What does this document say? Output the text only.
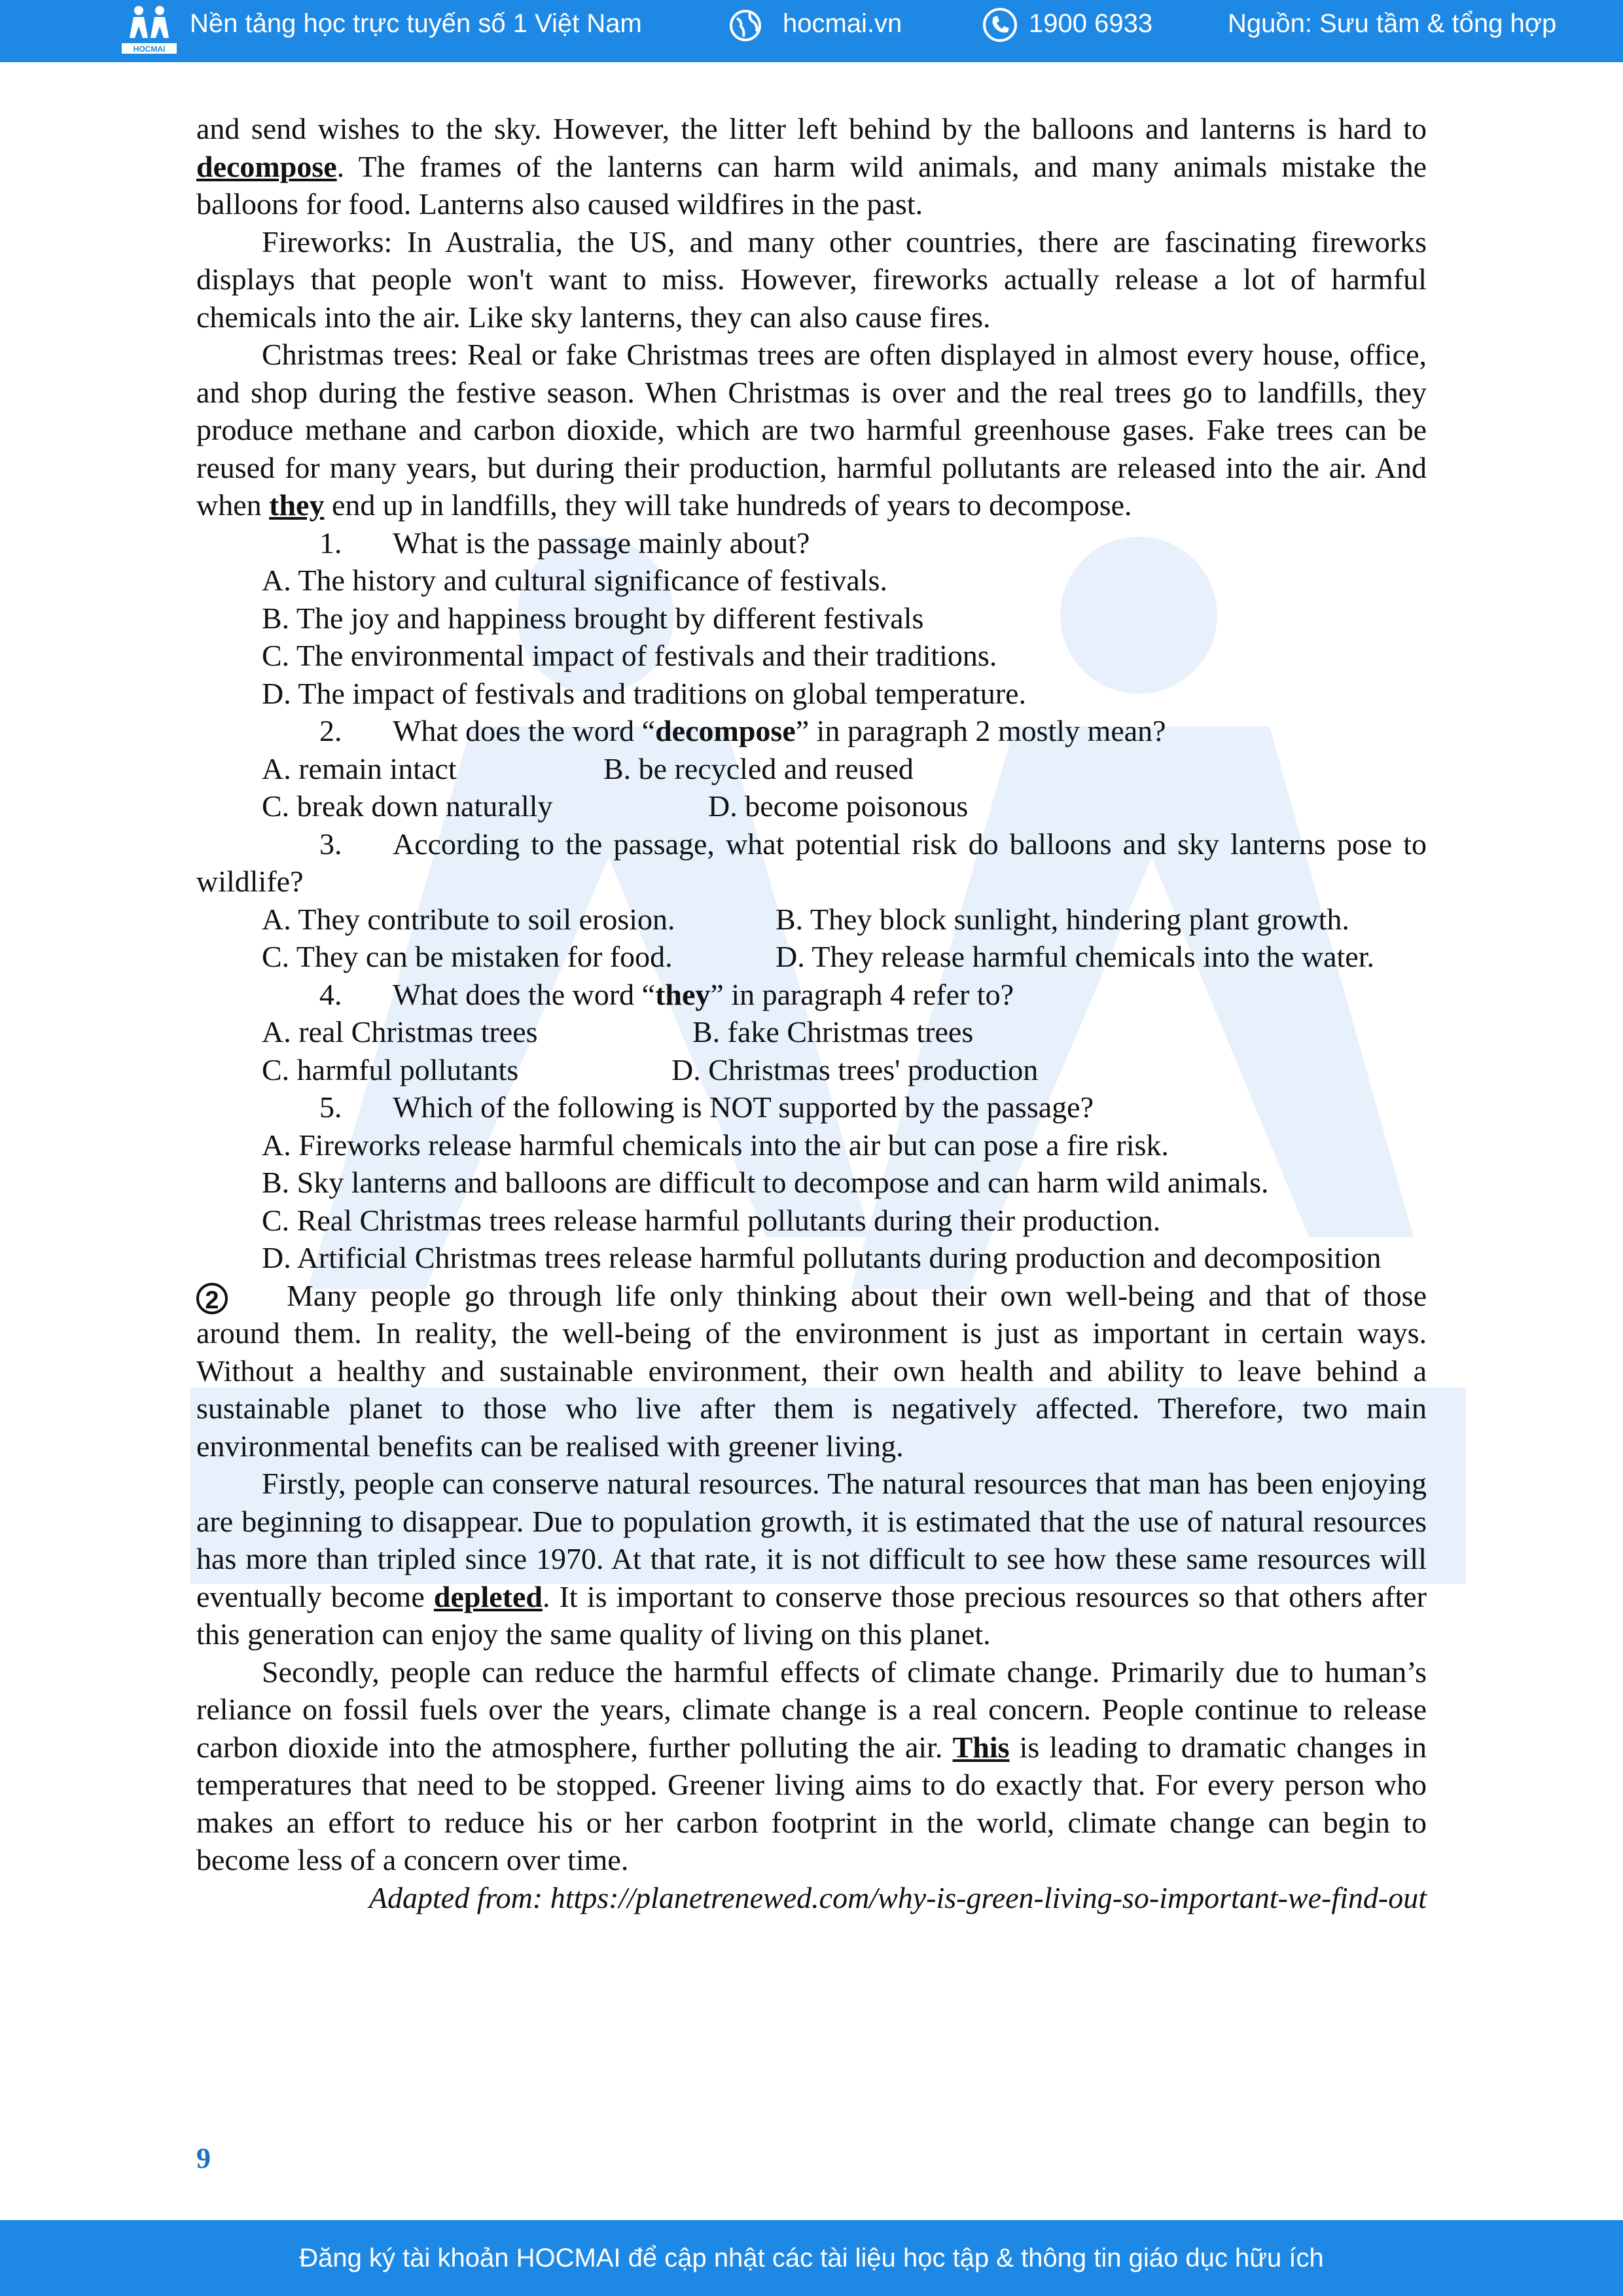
HOCMAI
Nền tảng học trực tuyến số 1 Việt Nam	hocmai.vn	1900 6933	Nguồn: Sưu tầm & tổng hợp

and send wishes to the sky. However, the litter left behind by the balloons and lanterns is hard to decompose. The frames of the lanterns can harm wild animals, and many animals mistake the balloons for food. Lanterns also caused wildfires in the past.

Fireworks: In Australia, the US, and many other countries, there are fascinating fireworks displays that people won't want to miss. However, fireworks actually release a lot of harmful chemicals into the air. Like sky lanterns, they can also cause fires.

Christmas trees: Real or fake Christmas trees are often displayed in almost every house, office, and shop during the festive season. When Christmas is over and the real trees go to landfills, they produce methane and carbon dioxide, which are two harmful greenhouse gases. Fake trees can be reused for many years, but during their production, harmful pollutants are released into the air. And when they end up in landfills, they will take hundreds of years to decompose.

1. What is the passage mainly about?

A. The history and cultural significance of festivals.

B. The joy and happiness brought by different festivals

C. The environmental impact of festivals and their traditions.

D. The impact of festivals and traditions on global temperature.

2. What does the word “decompose” in paragraph 2 mostly mean?

A. remain intact	B. be recycled and reused
C. break down naturally	D. become poisonous

3. According to the passage, what potential risk do balloons and sky lanterns pose to wildlife?

A. They contribute to soil erosion.	B. They block sunlight, hindering plant growth.

C. They can be mistaken for food.	D. They release harmful chemicals into the water.

4. What does the word “they” in paragraph 4 refer to?

A. real Christmas trees	B. fake Christmas trees
C. harmful pollutants	D. Christmas trees' production

5. Which of the following is NOT supported by the passage?

A. Fireworks release harmful chemicals into the air but can pose a fire risk.

B. Sky lanterns and balloons are difficult to decompose and can harm wild animals.

C. Real Christmas trees release harmful pollutants during their production.

D. Artificial Christmas trees release harmful pollutants during production and decomposition

2 Many people go through life only thinking about their own well-being and that of those around them. In reality, the well-being of the environment is just as important in certain ways. Without a healthy and sustainable environment, their own health and ability to leave behind a sustainable planet to those who live after them is negatively affected. Therefore, two main environmental benefits can be realised with greener living.

Firstly, people can conserve natural resources. The natural resources that man has been enjoying are beginning to disappear. Due to population growth, it is estimated that the use of natural resources has more than tripled since 1970. At that rate, it is not difficult to see how these same resources will eventually become depleted. It is important to conserve those precious resources so that others after this generation can enjoy the same quality of living on this planet.

Secondly, people can reduce the harmful effects of climate change. Primarily due to human’s reliance on fossil fuels over the years, climate change is a real concern. People continue to release carbon dioxide into the atmosphere, further polluting the air. This is leading to dramatic changes in temperatures that need to be stopped. Greener living aims to do exactly that. For every person who makes an effort to reduce his or her carbon footprint in the world, climate change can begin to become less of a concern over time.

Adapted from: https://planetrenewed.com/why-is-green-living-so-important-we-find-out

9
Đăng ký tài khoản HOCMAI để cập nhật các tài liệu học tập & thông tin giáo dục hữu ích
